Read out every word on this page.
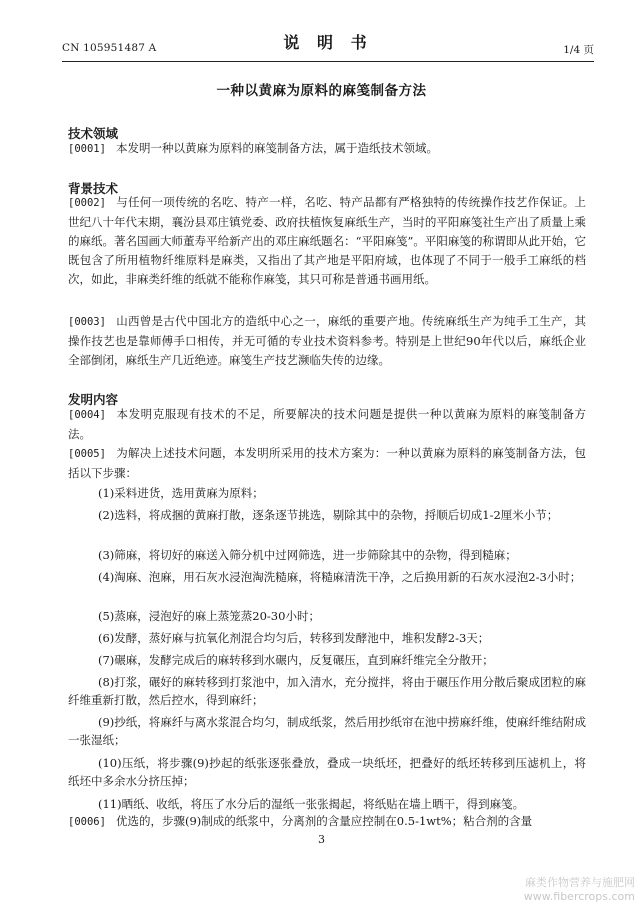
CN 105951487 A	说 明 书	1/4 页
一种以黄麻为原料的麻笺制备方法
技术领域
[0001] 本发明一种以黄麻为原料的麻笺制备方法，属于造纸技术领域。
背景技术
[0002] 与任何一项传统的名吃、特产一样，名吃、特产品都有严格独特的传统操作技艺作保证。上世纪八十年代末期，襄汾县邓庄镇党委、政府扶植恢复麻纸生产，当时的平阳麻笺社生产出了质量上乘的麻纸。著名国画大师董寿平给新产出的邓庄麻纸题名：“平阳麻笺”。平阳麻笺的称谓即从此开始，它既包含了所用植物纤维原料是麻类，又指出了其产地是平阳府域，也体现了不同于一般手工麻纸的档次，如此，非麻类纤维的纸就不能称作麻笺，其只可称是普通书画用纸。
[0003] 山西曾是古代中国北方的造纸中心之一，麻纸的重要产地。传统麻纸生产为纯手工生产，其操作技艺也是靠师傅手口相传，并无可循的专业技术资料参考。特别是上世纪90年代以后，麻纸企业全部倒闭，麻纸生产几近绝迹。麻笺生产技艺濒临失传的边缘。
发明内容
[0004] 本发明克服现有技术的不足，所要解决的技术问题是提供一种以黄麻为原料的麻笺制备方法。
[0005] 为解决上述技术问题，本发明所采用的技术方案为：一种以黄麻为原料的麻笺制备方法，包括以下步骤：
(1)采料进货，选用黄麻为原料；
(2)选料，将成捆的黄麻打散，逐条逐节挑选，剔除其中的杂物，捋顺后切成1-2厘米小节；
(3)筛麻，将切好的麻送入筛分机中过网筛选，进一步筛除其中的杂物，得到糙麻；
(4)淘麻、泡麻，用石灰水浸泡淘洗糙麻，将糙麻清洗干净，之后换用新的石灰水浸泡2-3小时；
(5)蒸麻，浸泡好的麻上蒸笼蒸20-30小时；
(6)发酵，蒸好麻与抗氧化剂混合均匀后，转移到发酵池中，堆积发酵2-3天；
(7)碾麻，发酵完成后的麻转移到水碾内，反复碾压，直到麻纤维完全分散开；
(8)打浆，碾好的麻转移到打浆池中，加入清水，充分搅拌，将由于碾压作用分散后聚成团粒的麻纤维重新打散，然后控水，得到麻纤；
(9)抄纸，将麻纤与离水浆混合均匀，制成纸浆，然后用抄纸帘在池中捞麻纤维，使麻纤维结附成一张湿纸；
(10)压纸，将步骤(9)抄起的纸张逐张叠放，叠成一块纸坯，把叠好的纸坯转移到压滤机上，将纸坯中多余水分挤压掉；
(11)晒纸、收纸，将压了水分后的湿纸一张张揭起，将纸贴在墙上晒干，得到麻笺。
[0006] 优选的，步骤(9)制成的纸浆中，分离剂的含量应控制在0.5-1wt%；粘合剂的含量
3
麻类作物营养与施肥网
www.fibercrops.com
